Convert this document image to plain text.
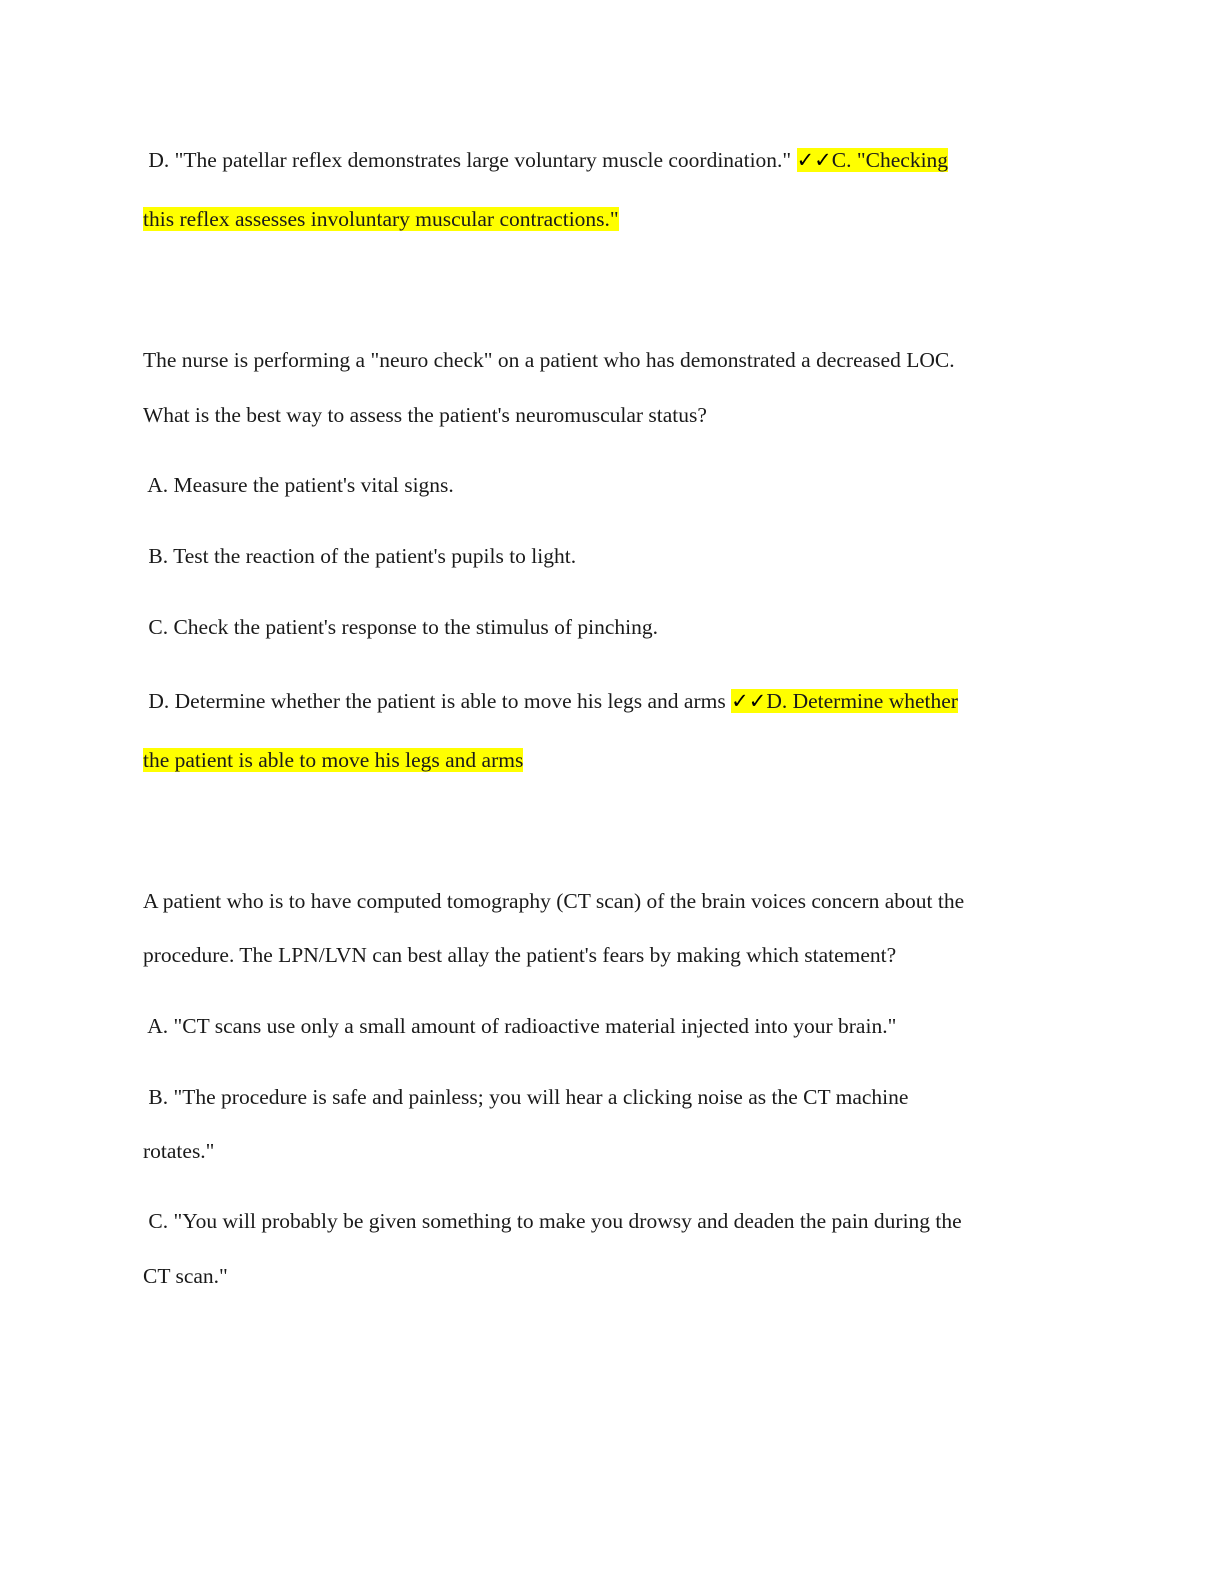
D. "The patellar reflex demonstrates large voluntary muscle coordination." ✓✓C. "Checking
this reflex assesses involuntary muscular contractions."
The nurse is performing a "neuro check" on a patient who has demonstrated a decreased LOC.
What is the best way to assess the patient's neuromuscular status?
A. Measure the patient's vital signs.
B. Test the reaction of the patient's pupils to light.
C. Check the patient's response to the stimulus of pinching.
D. Determine whether the patient is able to move his legs and arms ✓✓D. Determine whether
the patient is able to move his legs and arms
A patient who is to have computed tomography (CT scan) of the brain voices concern about the
procedure. The LPN/LVN can best allay the patient's fears by making which statement?
A. "CT scans use only a small amount of radioactive material injected into your brain."
B. "The procedure is safe and painless; you will hear a clicking noise as the CT machine
rotates."
C. "You will probably be given something to make you drowsy and deaden the pain during the
CT scan."
